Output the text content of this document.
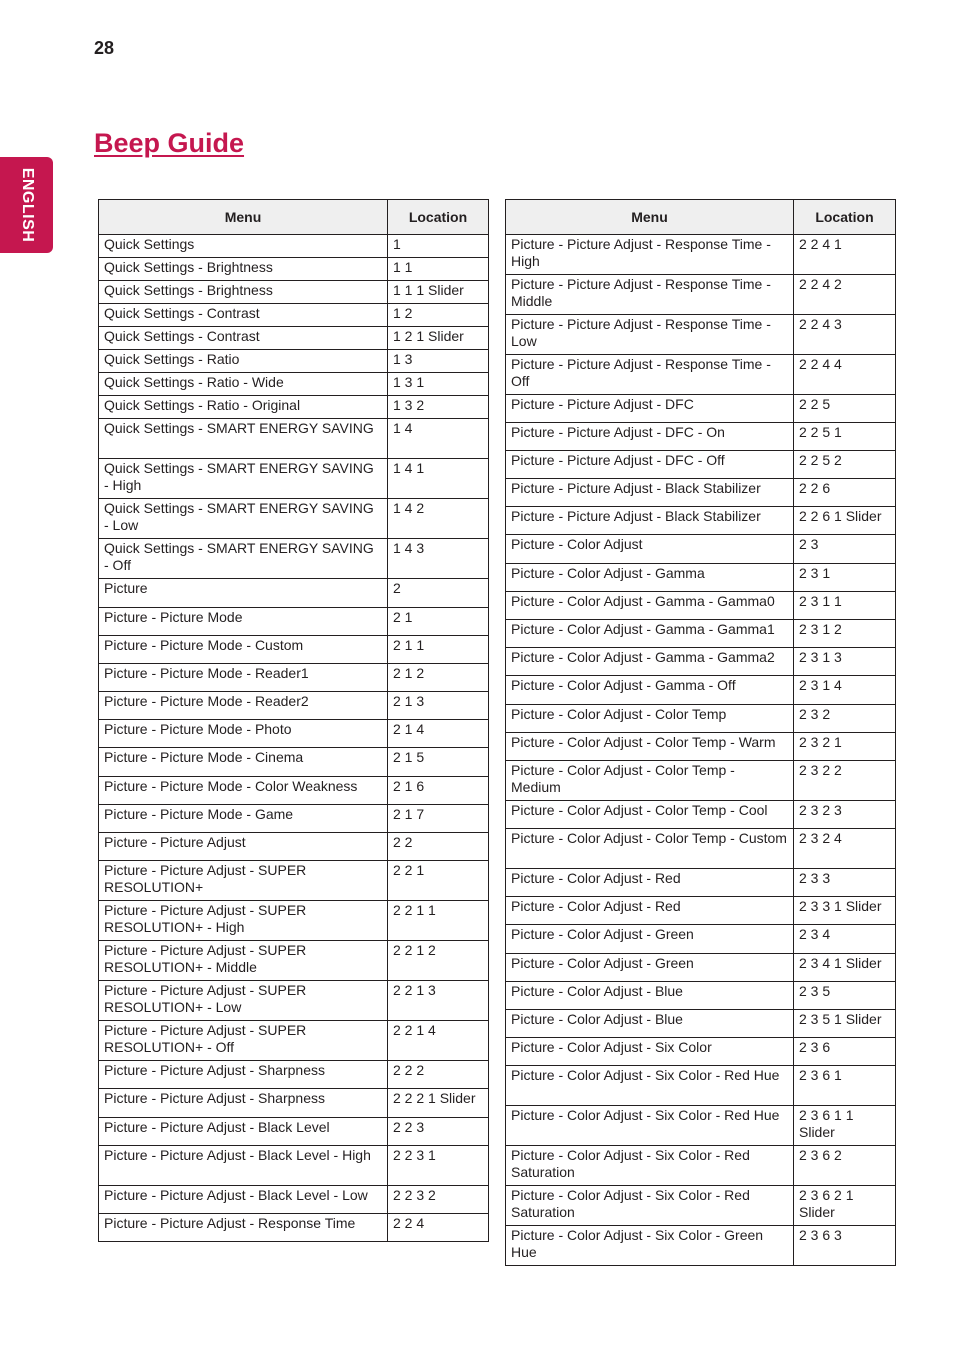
28
ENGLISH
Beep Guide
Menu	Location
Quick Settings	1
Quick Settings - Brightness	1 1
Quick Settings - Brightness	1 1 1 Slider
Quick Settings - Contrast	1 2
Quick Settings - Contrast	1 2 1 Slider
Quick Settings - Ratio	1 3
Quick Settings - Ratio - Wide	1 3 1
Quick Settings - Ratio - Original	1 3 2
Quick Settings - SMART ENERGY SAVING	1 4
Quick Settings - SMART ENERGY SAVING - High	1 4 1
Quick Settings - SMART ENERGY SAVING - Low	1 4 2
Quick Settings - SMART ENERGY SAVING - Off	1 4 3
Picture	2
Picture - Picture Mode	2 1
Picture - Picture Mode - Custom	2 1 1
Picture - Picture Mode - Reader1	2 1 2
Picture - Picture Mode - Reader2	2 1 3
Picture - Picture Mode - Photo	2 1 4
Picture - Picture Mode - Cinema	2 1 5
Picture - Picture Mode - Color Weakness	2 1 6
Picture - Picture Mode - Game	2 1 7
Picture - Picture Adjust	2 2
Picture - Picture Adjust - SUPER RESOLUTION+	2 2 1
Picture - Picture Adjust - SUPER RESOLUTION+ - High	2 2 1 1
Picture - Picture Adjust - SUPER RESOLUTION+ - Middle	2 2 1 2
Picture - Picture Adjust - SUPER RESOLUTION+ - Low	2 2 1 3
Picture - Picture Adjust - SUPER RESOLUTION+ - Off	2 2 1 4
Picture - Picture Adjust - Sharpness	2 2 2
Picture - Picture Adjust - Sharpness	2 2 2 1 Slider
Picture - Picture Adjust - Black Level	2 2 3
Picture - Picture Adjust - Black Level - High	2 2 3 1
Picture - Picture Adjust - Black Level - Low	2 2 3 2
Picture - Picture Adjust - Response Time	2 2 4
Menu	Location
Picture - Picture Adjust - Response Time - High	2 2 4 1
Picture - Picture Adjust - Response Time - Middle	2 2 4 2
Picture - Picture Adjust - Response Time - Low	2 2 4 3
Picture - Picture Adjust - Response Time - Off	2 2 4 4
Picture - Picture Adjust - DFC	2 2 5
Picture - Picture Adjust - DFC - On	2 2 5 1
Picture - Picture Adjust - DFC - Off	2 2 5 2
Picture - Picture Adjust - Black Stabilizer	2 2 6
Picture - Picture Adjust - Black Stabilizer	2 2 6 1 Slider
Picture - Color Adjust	2 3
Picture - Color Adjust - Gamma	2 3 1
Picture - Color Adjust - Gamma - Gamma0	2 3 1 1
Picture - Color Adjust - Gamma - Gamma1	2 3 1 2
Picture - Color Adjust - Gamma - Gamma2	2 3 1 3
Picture - Color Adjust - Gamma - Off	2 3 1 4
Picture - Color Adjust - Color Temp	2 3 2
Picture - Color Adjust - Color Temp - Warm	2 3 2 1
Picture - Color Adjust - Color Temp - Medium	2 3 2 2
Picture - Color Adjust - Color Temp - Cool	2 3 2 3
Picture - Color Adjust - Color Temp - Custom	2 3 2 4
Picture - Color Adjust - Red	2 3 3
Picture - Color Adjust - Red	2 3 3 1 Slider
Picture - Color Adjust - Green	2 3 4
Picture - Color Adjust - Green	2 3 4 1 Slider
Picture - Color Adjust - Blue	2 3 5
Picture - Color Adjust - Blue	2 3 5 1 Slider
Picture - Color Adjust - Six Color	2 3 6
Picture - Color Adjust - Six Color - Red Hue	2 3 6 1
Picture - Color Adjust - Six Color - Red Hue	2 3 6 1 1 Slider
Picture - Color Adjust - Six Color - Red Saturation	2 3 6 2
Picture - Color Adjust - Six Color - Red Saturation	2 3 6 2 1 Slider
Picture - Color Adjust - Six Color - Green Hue	2 3 6 3
